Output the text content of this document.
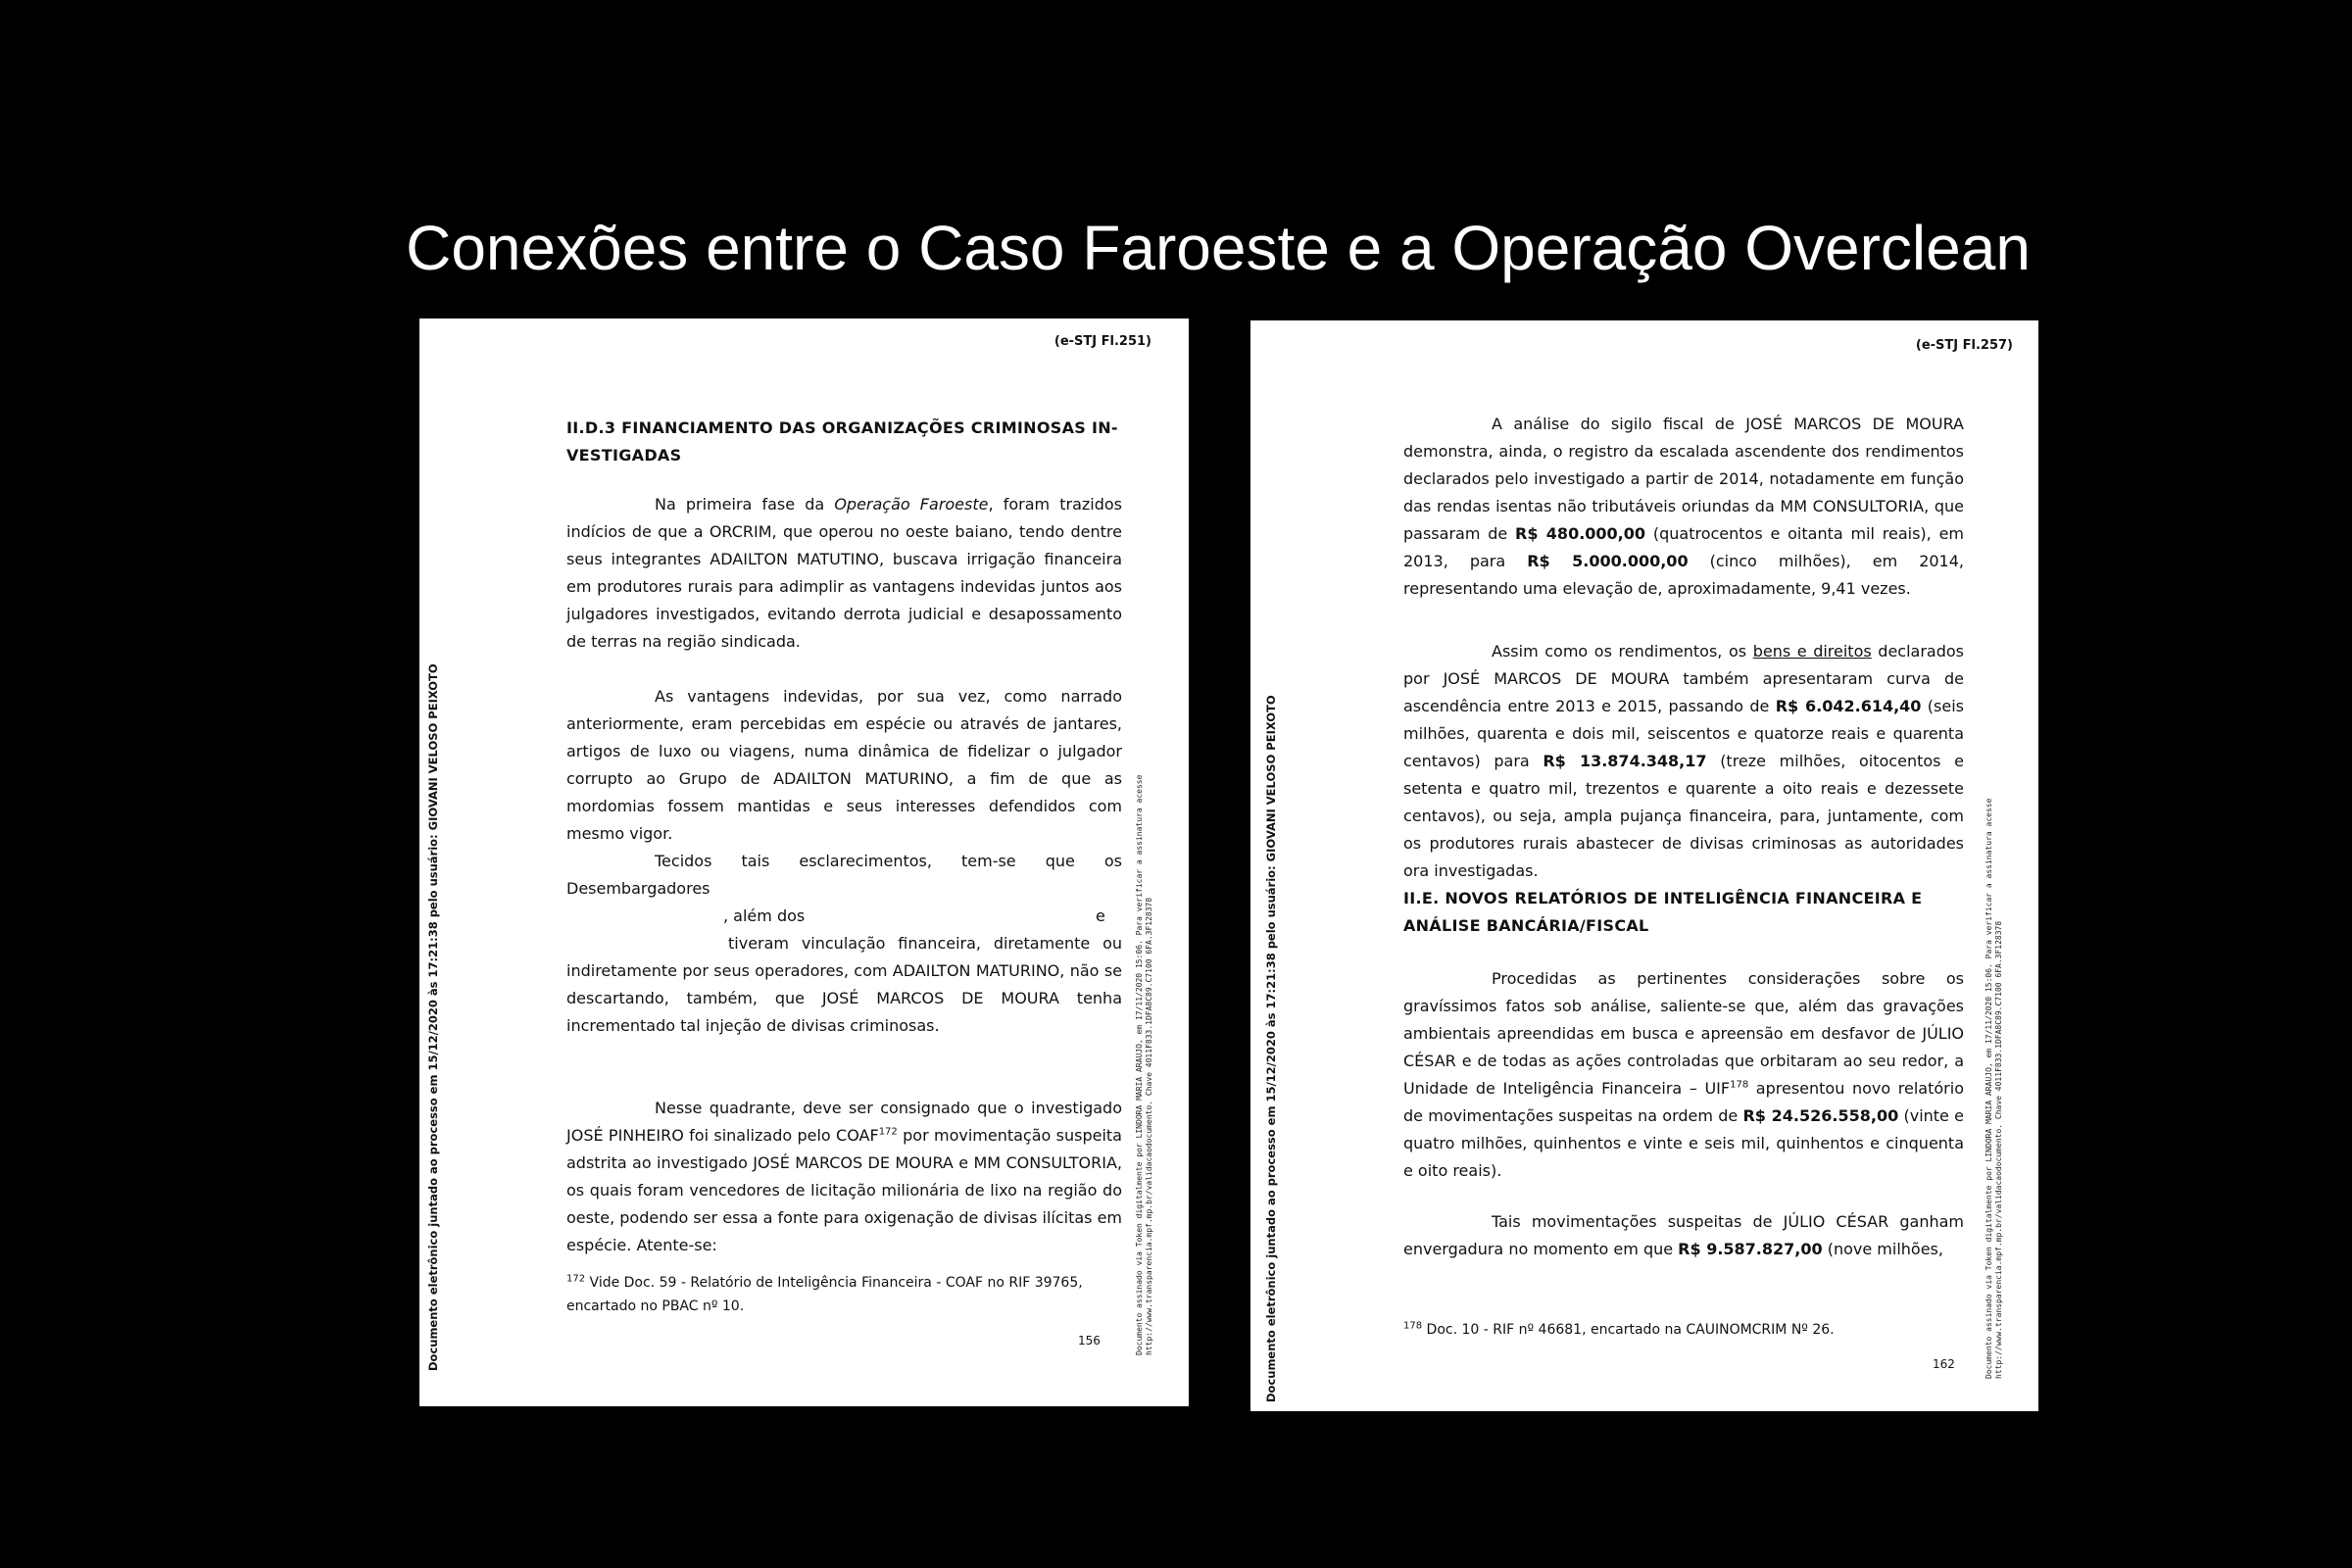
Conexões entre o Caso Faroeste e a Operação Overclean
(e-STJ Fl.251)
II.D.3 FINANCIAMENTO DAS ORGANIZAÇÕES CRIMINOSAS IN-
VESTIGADAS

Na primeira fase da Operação Faroeste, foram trazidos indícios de que a ORCRIM, que operou no oeste baiano, tendo dentre seus integrantes ADAILTON MATUTINO, buscava irrigação financeira em produtores rurais para adimplir as vantagens indevidas juntos aos julgadores investigados, evitando derrota judicial e desapossamento de terras na região sindicada.

As vantagens indevidas, por sua vez, como narrado anteriormente, eram percebidas em espécie ou através de jantares, artigos de luxo ou viagens, numa dinâmica de fidelizar o julgador corrupto ao Grupo de ADAILTON MATURINO, a fim de que as mordomias fossem mantidas e seus interesses defendidos com mesmo vigor.

Tecidos tais esclarecimentos, tem-se que os Desembargadores
, além dos	e
tiveram vinculação financeira, diretamente ou indiretamente por seus operadores, com ADAILTON MATURINO, não se descartando, também, que JOSÉ MARCOS DE MOURA tenha incrementado tal injeção de divisas criminosas.

Nesse quadrante, deve ser consignado que o investigado JOSÉ PINHEIRO foi sinalizado pelo COAF$^{172}$ por movimentação suspeita adstrita ao investigado JOSÉ MARCOS DE MOURA e MM CONSULTORIA, os quais foram vencedores de licitação milionária de lixo na região do oeste, podendo ser essa a fonte para oxigenação de divisas ilícitas em espécie. Atente-se:

$^{172}$ Vide Doc. 59 - Relatório de Inteligência Financeira - COAF no RIF 39765, encartado no PBAC nº 10.
156
Documento eletrônico juntado ao processo em 15/12/2020 às 17:21:38 pelo usuário: GIOVANI VELOSO PEIXOTO	Documento assinado via Token digitalmente por LINDORA MARIA ARAUJO, em 17/11/2020 15:06. Para verificar a assinatura acesse http://www.transparencia.mpf.mp.br/validacaodocumento. Chave 4011F833.1DFA8C89.C7100 6FA.3F128378
(e-STJ Fl.257)

A análise do sigilo fiscal de JOSÉ MARCOS DE MOURA demonstra, ainda, o registro da escalada ascendente dos rendimentos declarados pelo investigado a partir de 2014, notadamente em função das rendas isentas não tributáveis oriundas da MM CONSULTORIA, que passaram de R$ 480.000,00 (quatrocentos e oitanta mil reais), em 2013, para R$ 5.000.000,00 (cinco milhões), em 2014, representando uma elevação de, aproximadamente, 9,41 vezes.

Assim como os rendimentos, os bens e direitos declarados por JOSÉ MARCOS DE MOURA também apresentaram curva de ascendência entre 2013 e 2015, passando de R$ 6.042.614,40 (seis milhões, quarenta e dois mil, seiscentos e quatorze reais e quarenta centavos) para R$ 13.874.348,17 (treze milhões, oitocentos e setenta e quatro mil, trezentos e quarente a oito reais e dezessete centavos), ou seja, ampla pujança financeira, para, juntamente, com os produtores rurais abastecer de divisas criminosas as autoridades ora investigadas.

II.E. NOVOS RELATÓRIOS DE INTELIGÊNCIA FINANCEIRA E
ANÁLISE BANCÁRIA/FISCAL

Procedidas as pertinentes considerações sobre os gravíssimos fatos sob análise, saliente-se que, além das gravações ambientais apreendidas em busca e apreensão em desfavor de JÚLIO CÉSAR e de todas as ações controladas que orbitaram ao seu redor, a Unidade de Inteligência Financeira – UIF$^{178}$ apresentou novo relatório de movimentações suspeitas na ordem de R$ 24.526.558,00 (vinte e quatro milhões, quinhentos e vinte e seis mil, quinhentos e cinquenta e oito reais).

Tais movimentações suspeitas de JÚLIO CÉSAR ganham envergadura no momento em que R$ 9.587.827,00 (nove milhões,

$^{178}$ Doc. 10 - RIF nº 46681, encartado na CAUINOMCRIM Nº 26.
162
Documento eletrônico juntado ao processo em 15/12/2020 às 17:21:38 pelo usuário: GIOVANI VELOSO PEIXOTO	Documento assinado via Token digitalmente por LINDORA MARIA ARAUJO, em 17/11/2020 15:06. Para verificar a assinatura acesse http://www.transparencia.mpf.mp.br/validacaodocumento. Chave 4011F833.1DFA8C89.C7100 6FA.3F128378
